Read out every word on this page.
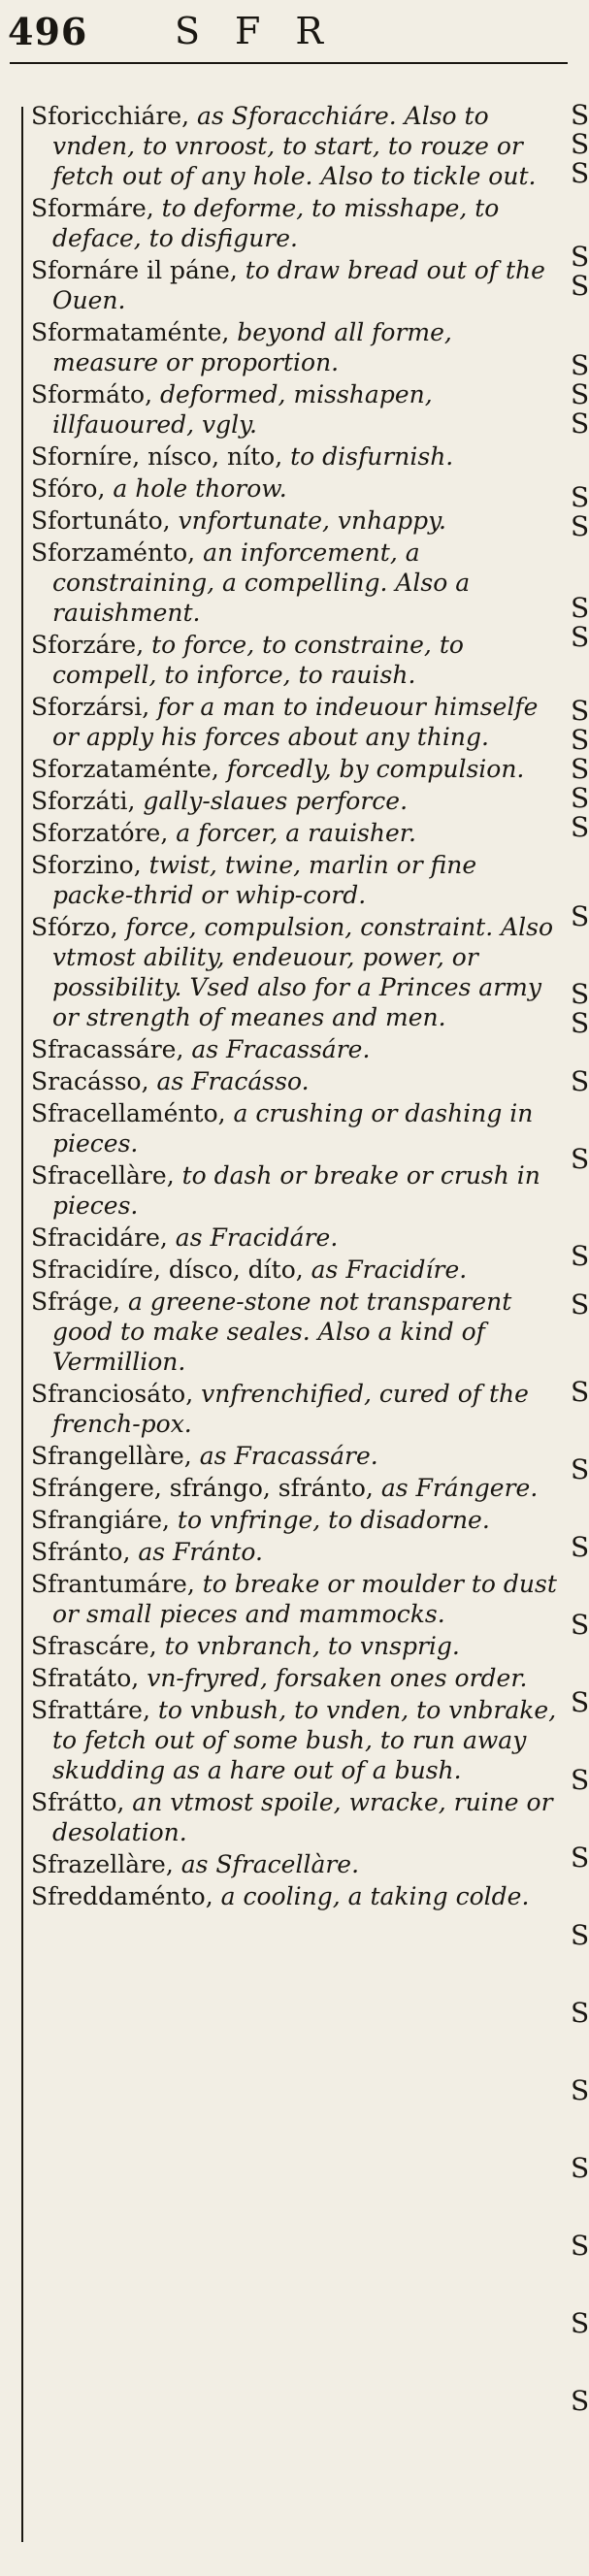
496 SFR
Sforicchiáre, as Sforacchiáre. Also to vnden, to vnroost, to start, to rouze or fetch out of any hole. Also to tickle out.
Sformáre, to deforme, to misshape, to deface, to disfigure.
Sfornáre il páne, to draw bread out of the Ouen.
Sformataménte, beyond all forme, measure or proportion.
Sformáto, deformed, misshapen, illfauoured, vgly.
Sforníre, nísco, níto, to disfurnish.
Sfóro, a hole thorow.
Sfortunáto, vnfortunate, vnhappy.
Sforzaménto, an inforcement, a constraining, a compelling. Also a rauishment.
Sforzáre, to force, to constraine, to compell, to inforce, to rauish.
Sforzársi, for a man to indeuour himselfe or apply his forces about any thing.
Sforzataménte, forcedly, by compulsion.
Sforzáti, gally-slaues perforce.
Sforzatóre, a forcer, a rauisher.
Sforzino, twist, twine, marlin or fine packe-thrid or whip-cord.
Sfórzo, force, compulsion, constraint. Also vtmost ability, endeuour, power, or possibility. Vsed also for a Princes army or strength of meanes and men.
Sfracassáre, as Fracassáre.
Sracásso, as Fracásso.
Sfracellaménto, a crushing or dashing in pieces.
Sfracellàre, to dash or breake or crush in pieces.
Sfracidáre, as Fracidáre.
Sfracidíre, dísco, díto, as Fracidíre.
Sfráge, a greene-stone not transparent good to make seales. Also a kind of Vermillion.
Sfranciosáto, vnfrenchified, cured of the french-pox.
Sfrangellàre, as Fracassáre.
Sfrángere, sfrángo, sfránto, as Frángere.
Sfrangiáre, to vnfringe, to disadorne.
Sfránto, as Fránto.
Sfrantumáre, to breake or moulder to dust or small pieces and mammocks.
Sfrascáre, to vnbranch, to vnsprig.
Sfratáto, vn-fryred, forsaken ones order.
Sfrattáre, to vnbush, to vnden, to vnbrake, to fetch out of some bush, to run away skudding as a hare out of a bush.
Sfrátto, an vtmost spoile, wracke, ruine or desolation.
Sfrazellàre, as Sfracellàre.
Sfreddaménto, a cooling, a taking colde.
S
S
S
S
S
S
S
S
S
S
S
S
S
S
S
S
S
S
S
S
S
S
S
S
S
S
S
S
S
S
S
S
S
S
S
S
S
S
